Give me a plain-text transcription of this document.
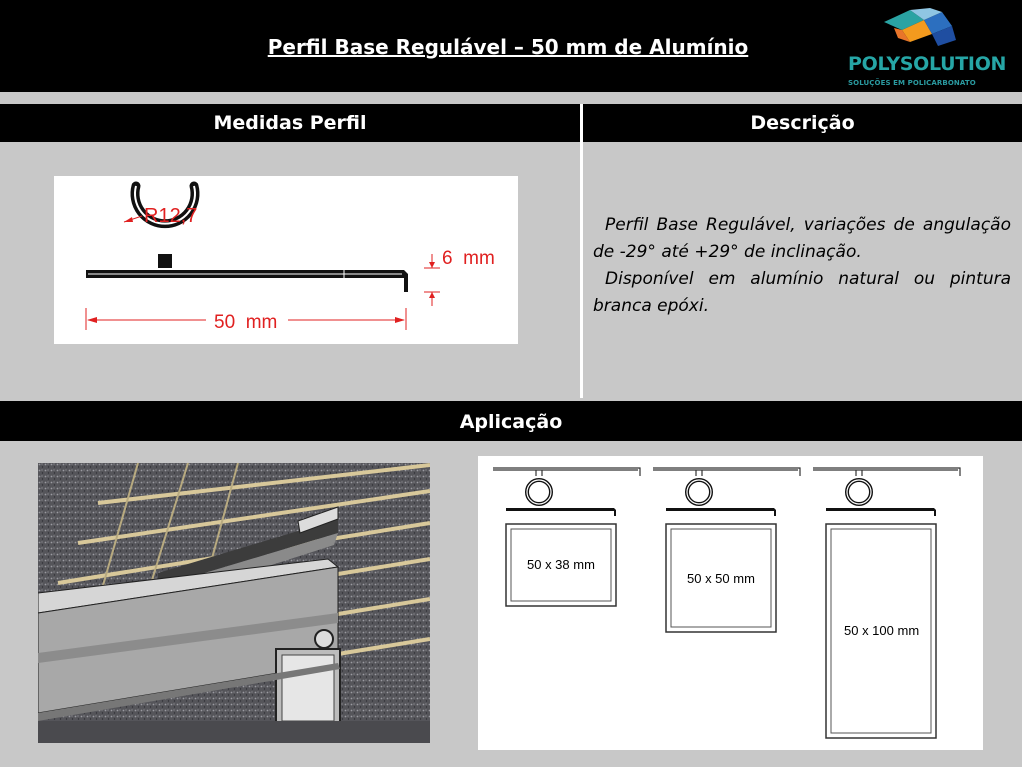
Perfil Base Regulável – 50 mm de Alumínio
POLYSOLUTION
SOLUÇÕES EM POLICARBONATO
Medidas Perfil	Descrição
R12,7
6  mm
50  mm

Perfil Base Regulável, variações de angulação de -29° até +29° de inclinação.

Disponível em alumínio natural ou pintura branca epóxi.

Aplicação
50 x 38 mm
50 x 50 mm
50 x 100 mm
